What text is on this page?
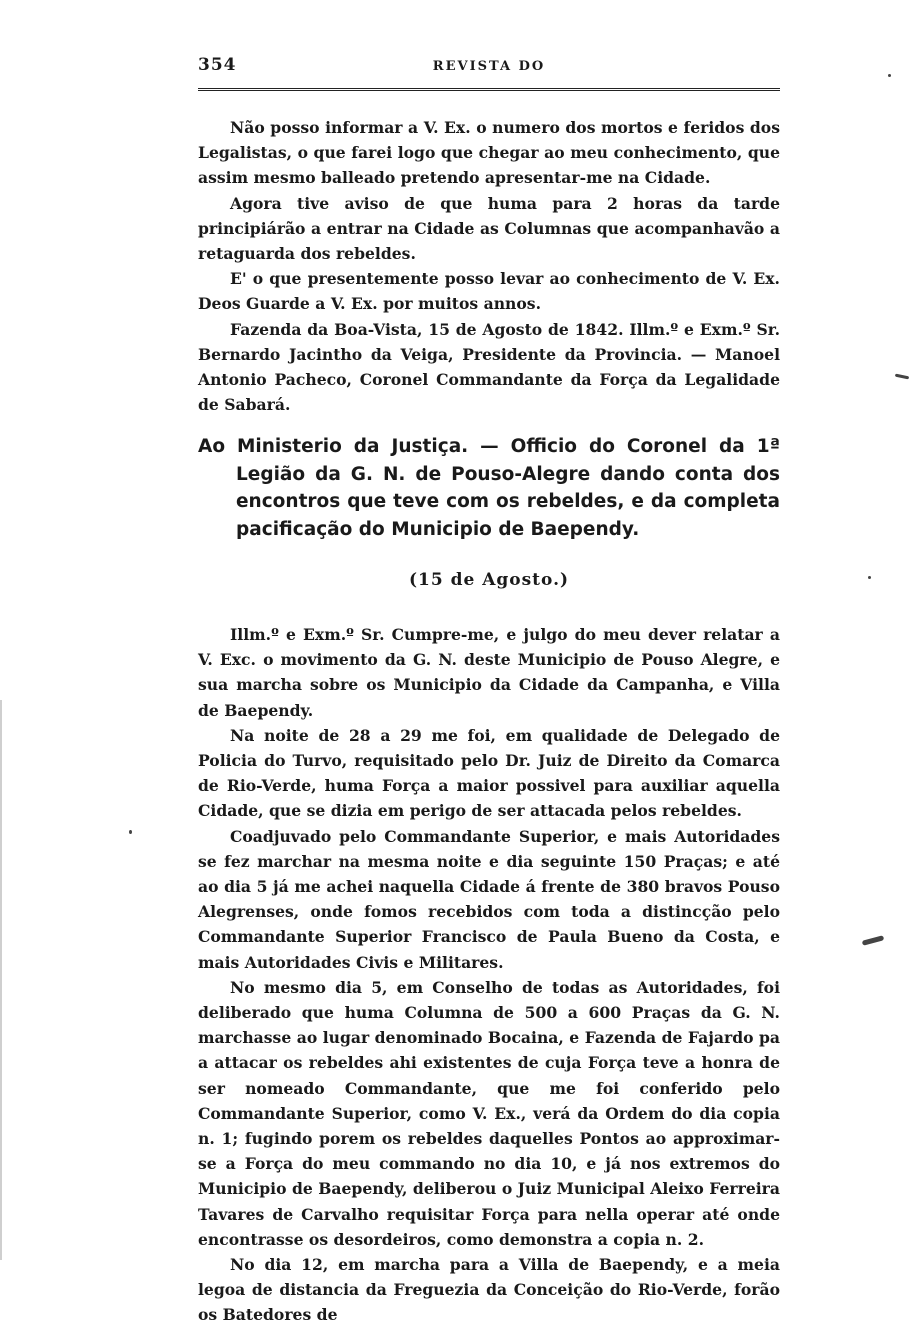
354	REVISTA DO

Não posso informar a V. Ex. o numero dos mortos e feridos dos Legalistas, o que farei logo que chegar ao meu conhecimento, que assim mesmo balleado pretendo apresentar-me na Cidade.

Agora tive aviso de que huma para 2 horas da tarde principiárão a entrar na Cidade as Columnas que acompanhavão a retaguarda dos rebeldes.

E' o que presentemente posso levar ao conhecimento de V. Ex. Deos Guarde a V. Ex. por muitos annos.

Fazenda da Boa-Vista, 15 de Agosto de 1842. Illm.º e Exm.º Sr. Bernardo Jacintho da Veiga, Presidente da Provincia. — Manoel Antonio Pacheco, Coronel Commandante da Força da Legalidade de Sabará.

Ao Ministerio da Justiça. — Officio do Coronel da 1ª Legião da G. N. de Pouso-Alegre dando conta dos encontros que teve com os rebeldes, e da completa pacificação do Municipio de Baependy.
(15 de Agosto.)

Illm.º e Exm.º Sr. Cumpre-me, e julgo do meu dever relatar a V. Exc. o movimento da G. N. deste Municipio de Pouso Alegre, e sua marcha sobre os Municipio da Cidade da Campanha, e Villa de Baependy.

Na noite de 28 a 29 me foi, em qualidade de Delegado de Policia do Turvo, requisitado pelo Dr. Juiz de Direito da Comarca de Rio-Verde, huma Força a maior possivel para auxiliar aquella Cidade, que se dizia em perigo de ser attacada pelos rebeldes.

Coadjuvado pelo Commandante Superior, e mais Autoridades se fez marchar na mesma noite e dia seguinte 150 Praças; e até ao dia 5 já me achei naquella Cidade á frente de 380 bravos Pouso Alegrenses, onde fomos recebidos com toda a distincção pelo Commandante Superior Francisco de Paula Bueno da Costa, e mais Autoridades Civis e Militares.

No mesmo dia 5, em Conselho de todas as Autoridades, foi deliberado que huma Columna de 500 a 600 Praças da G. N. marchasse ao lugar denominado Bocaina, e Fazenda de Fajardo pa a attacar os rebeldes ahi existentes de cuja Força teve a honra de ser nomeado Commandante, que me foi conferido pelo Commandante Superior, como V. Ex., verá da Ordem do dia copia n. 1; fugindo porem os rebeldes daquelles Pontos ao approximar-se a Força do meu commando no dia 10, e já nos extremos do Municipio de Baependy, deliberou o Juiz Municipal Aleixo Ferreira Tavares de Carvalho requisitar Força para nella operar até onde encontrasse os desordeiros, como demonstra a copia n. 2.

No dia 12, em marcha para a Villa de Baependy, e a meia legoa de distancia da Freguezia da Conceição do Rio-Verde, forão os Batedores de
